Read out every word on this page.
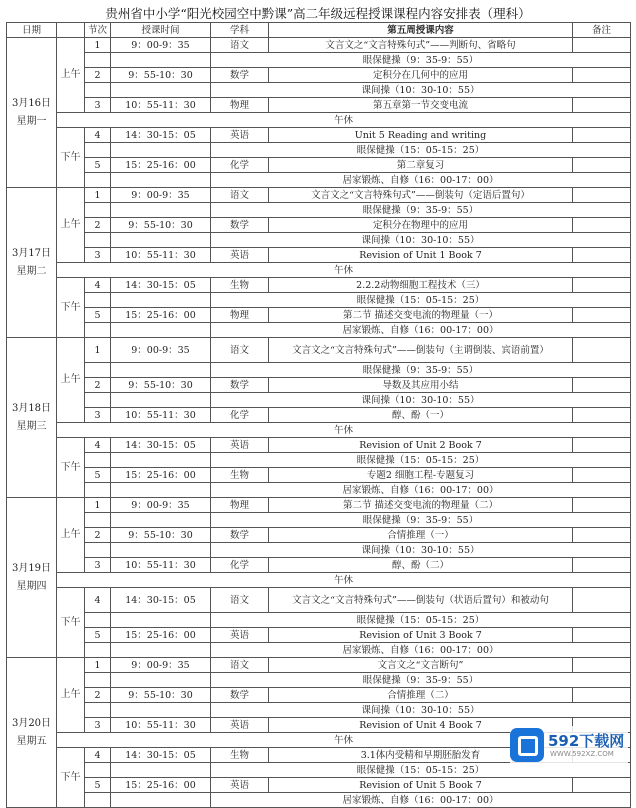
贵州省中小学“阳光校园空中黔课”高二年级远程授课课程内容安排表（理科）
日期		节次	授课时间	学科	第五周授课内容	备注	
3月16日
星期一	上午	1	9：00-9：35	语文	文言文之“文言特殊句式”——判断句、省略句		
				眼保健操（9：35-9：55）			
		2	9：55-10：30	数学	定积分在几何中的应用		
				课间操（10：30-10：55）			
		3	10：55-11：30	物理	第五章第一节交变电流		
	午休						
	下午	4	14：30-15：05	英语	Unit 5 Reading and writing		
				眼保健操（15：05-15：25）			
		5	15：25-16：00	化学	第二章复习		
				居家锻炼、自修（16：00-17：00）			
3月17日
星期二	上午	1	9：00-9：35	语文	文言文之“文言特殊句式”——倒装句（定语后置句）		
				眼保健操（9：35-9：55）			
		2	9：55-10：30	数学	定积分在物理中的应用		
				课间操（10：30-10：55）			
		3	10：55-11：30	英语	Revision of Unit 1 Book 7		
	午休						
	下午	4	14：30-15：05	生物	2.2.2动物细胞工程技术（三）		
				眼保健操（15：05-15：25）			
		5	15：25-16：00	物理	第二节 描述交变电流的物理量（一）		
				居家锻炼、自修（16：00-17：00）			
3月18日
星期三	上午	1	9：00-9：35	语文	文言文之“文言特殊句式”——倒装句（主谓倒装、宾语前置）		
				眼保健操（9：35-9：55）			
		2	9：55-10：30	数学	导数及其应用小结		
				课间操（10：30-10：55）			
		3	10：55-11：30	化学	醇、酚（一）		
	午休						
	下午	4	14：30-15：05	英语	Revision of Unit 2 Book 7		
				眼保健操（15：05-15：25）			
		5	15：25-16：00	生物	专题2 细胞工程-专题复习		
				居家锻炼、自修（16：00-17：00）			
3月19日
星期四	上午	1	9：00-9：35	物理	第二节 描述交变电流的物理量（二）		
				眼保健操（9：35-9：55）			
		2	9：55-10：30	数学	合情推理（一）		
				课间操（10：30-10：55）			
		3	10：55-11：30	化学	醇、酚（二）		
	午休						
	下午	4	14：30-15：05	语文	文言文之“文言特殊句式”——倒装句（状语后置句）和被动句		
				眼保健操（15：05-15：25）			
		5	15：25-16：00	英语	Revision of Unit 3 Book 7		
				居家锻炼、自修（16：00-17：00）			
3月20日
星期五	上午	1	9：00-9：35	语文	文言文之“文言断句”		
				眼保健操（9：35-9：55）			
		2	9：55-10：30	数学	合情推理（二）		
				课间操（10：30-10：55）			
		3	10：55-11：30	英语	Revision of Unit 4 Book 7		
	午休						
	下午	4	14：30-15：05	生物	3.1体内受精和早期胚胎发育		
				眼保健操（15：05-15：25）			
		5	15：25-16：00	英语	Revision of Unit 5 Book 7		
				居家锻炼、自修（16：00-17：00）			
592下载网
WWW.592XZ.COM
